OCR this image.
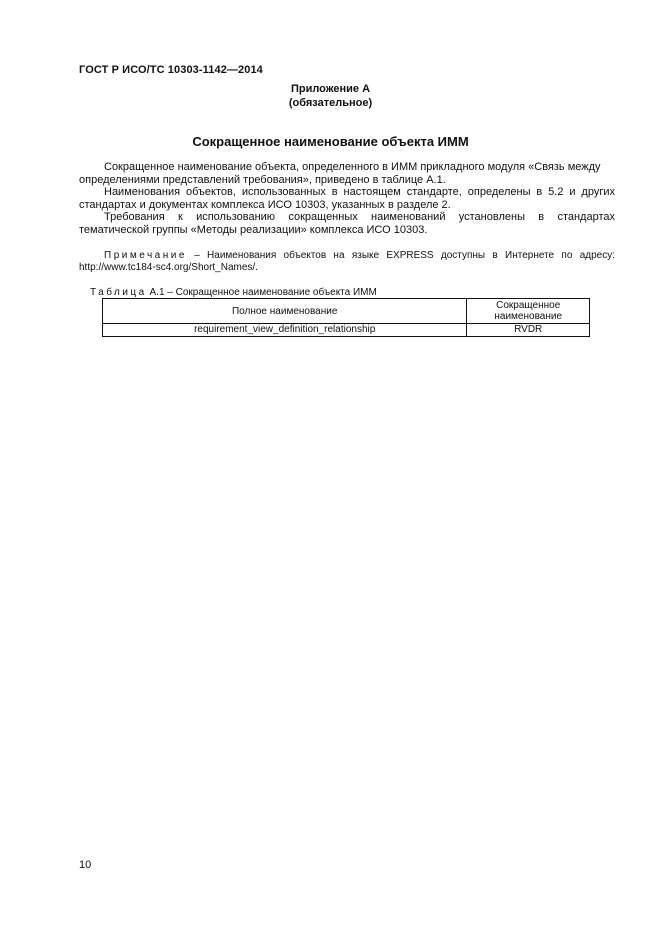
ГОСТ Р ИСО/ТС 10303-1142—2014
Приложение А
(обязательное)
Сокращенное наименование объекта ИММ
Сокращенное наименование объекта, определенного в ИММ прикладного модуля «Связь между определениями представлений требования», приведено в таблице А.1.
Наименования объектов, использованных в настоящем стандарте, определены в 5.2 и других стандартах и документах комплекса ИСО 10303, указанных в разделе 2.
Требования к использованию сокращенных наименований установлены в стандартах тематической группы «Методы реализации» комплекса ИСО 10303.
Примечание – Наименования объектов на языке EXPRESS доступны в Интернете по адресу: http://www.tc184-sc4.org/Short_Names/.
Таблица А.1 – Сокращенное наименование объекта ИММ
Полное наименование	Сокращенное наименование
requirement_view_definition_relationship	RVDR
10
